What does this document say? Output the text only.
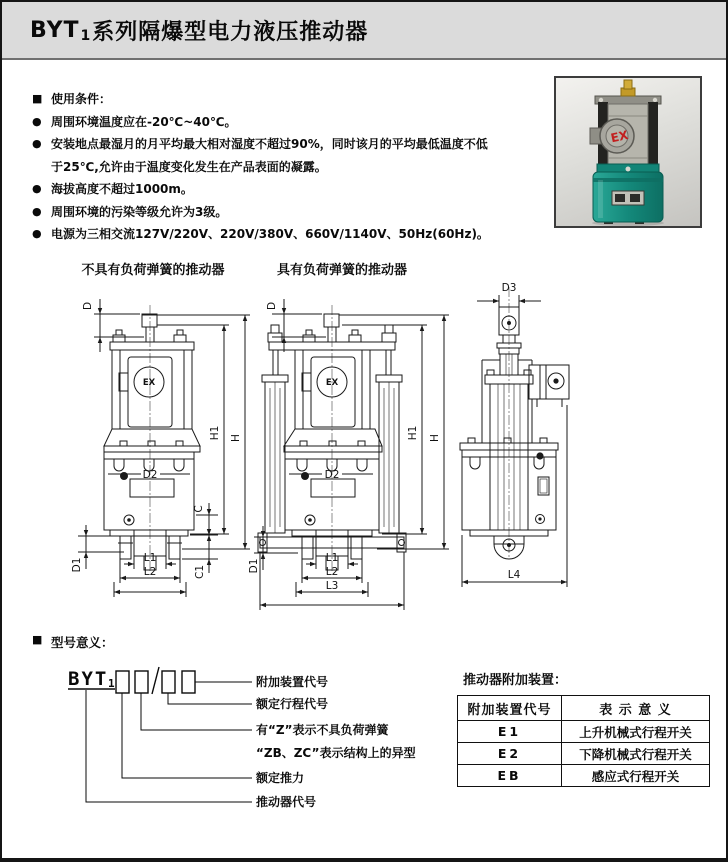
BYT 1 系列隔爆型电力液压推动器
■ 使用条件：
● 周围环境温度应在-20℃~40℃。
● 安装地点最湿月的月平均最大相对湿度不超过90%，同时该月的平均最低温度不低
于25℃,允许由于温度变化发生在产品表面的凝露。
● 海拔高度不超过1000m。
● 周围环境的污染等级允许为3级。
● 电源为三相交流127V/220V、220V/380V、660V/1140V、50Hz(60Hz)。
EX
不具有负荷弹簧的推动器
EX
D2
D
H1 H
C
C1
D1	L1
L2
具有负荷弹簧的推动器
EX
D2
D
H1 H
D1
L1
L2
L3
D3
L4
■ 型号意义：
BYT 1	附加装置代号
额定行程代号
有“Z”表示不具负荷弹簧
“ZB、ZC”表示结构上的异型
额定推力
推动器代号
推动器附加装置：
附加装置代号	表 示 意 义
E1	上升机械式行程开关
E2	下降机械式行程开关
EB	感应式行程开关
